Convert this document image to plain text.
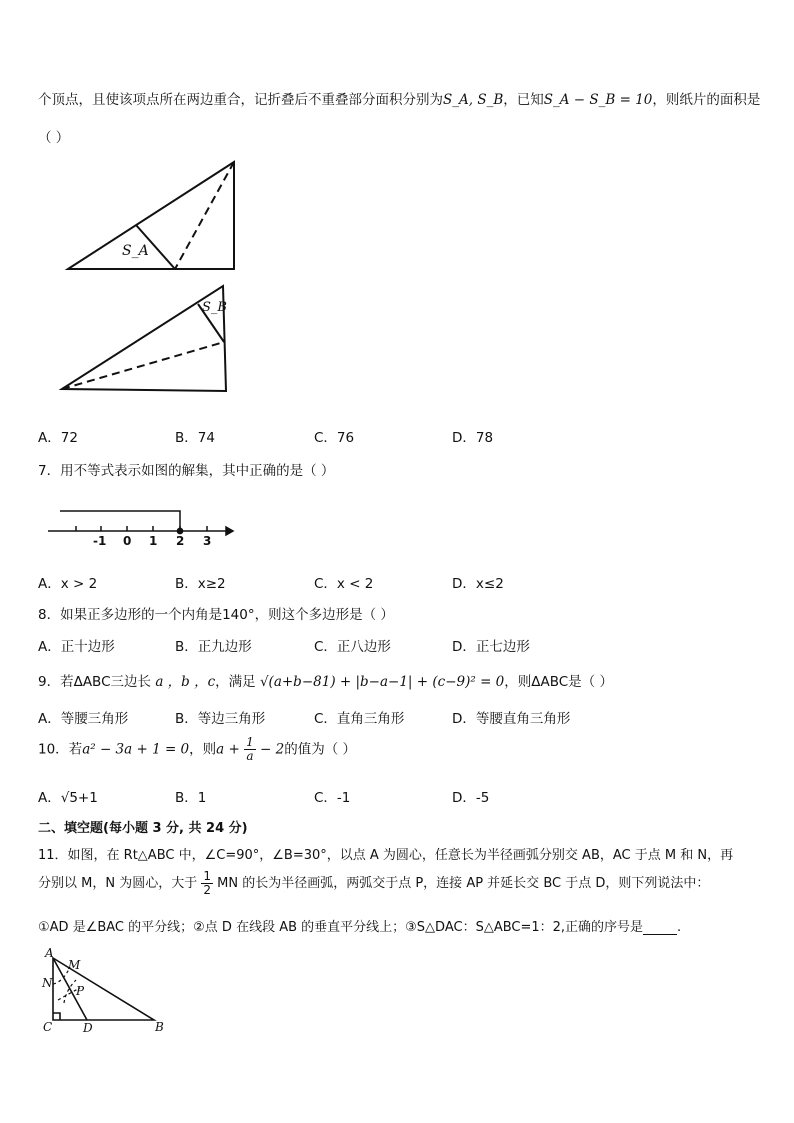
个顶点，且使该项点所在两边重合，记折叠后不重叠部分面积分别为S_A, S_B，已知S_A − S_B = 10，则纸片的面积是
（ ）
S_A
S_B
A．72	B．74	C．76	D．78
7．用不等式表示如图的解集，其中正确的是（ ）
-1 0 1 2 3
A．x > 2	B．x≥2	C．x < 2	D．x≤2
8．如果正多边形的一个内角是140°，则这个多边形是（ ）
A．正十边形	B．正九边形	C．正八边形	D．正七边形
9．若ΔABC三边长 a ，b ，c，满足 √(a+b−81) + |b−a−1| + (c−9)² = 0，则ΔABC是（ ）
A．等腰三角形	B．等边三角形	C．直角三角形	D．等腰直角三角形
10．若a² − 3a + 1 = 0，则$a + \frac{1}{a} - 2$的值为（ ）
A．√5+1	B．1	C．-1	D．-5
二、填空题(每小题 3 分, 共 24 分)
11．如图，在 Rt△ABC 中，∠C=90°，∠B=30°，以点 A 为圆心，任意长为半径画弧分别交 AB，AC 于点 M 和 N，再
分别以 M，N 为圆心，大于 $\frac{1}{2}$ MN 的长为半径画弧，两弧交于点 P，连接 AP 并延长交 BC 于点 D，则下列说法中：
①AD 是∠BAC 的平分线；②点 D 在线段 AB 的垂直平分线上；③S△DAC：S△ABC=1：2,正确的序号是	.
A
M
N
P
C	D	B
